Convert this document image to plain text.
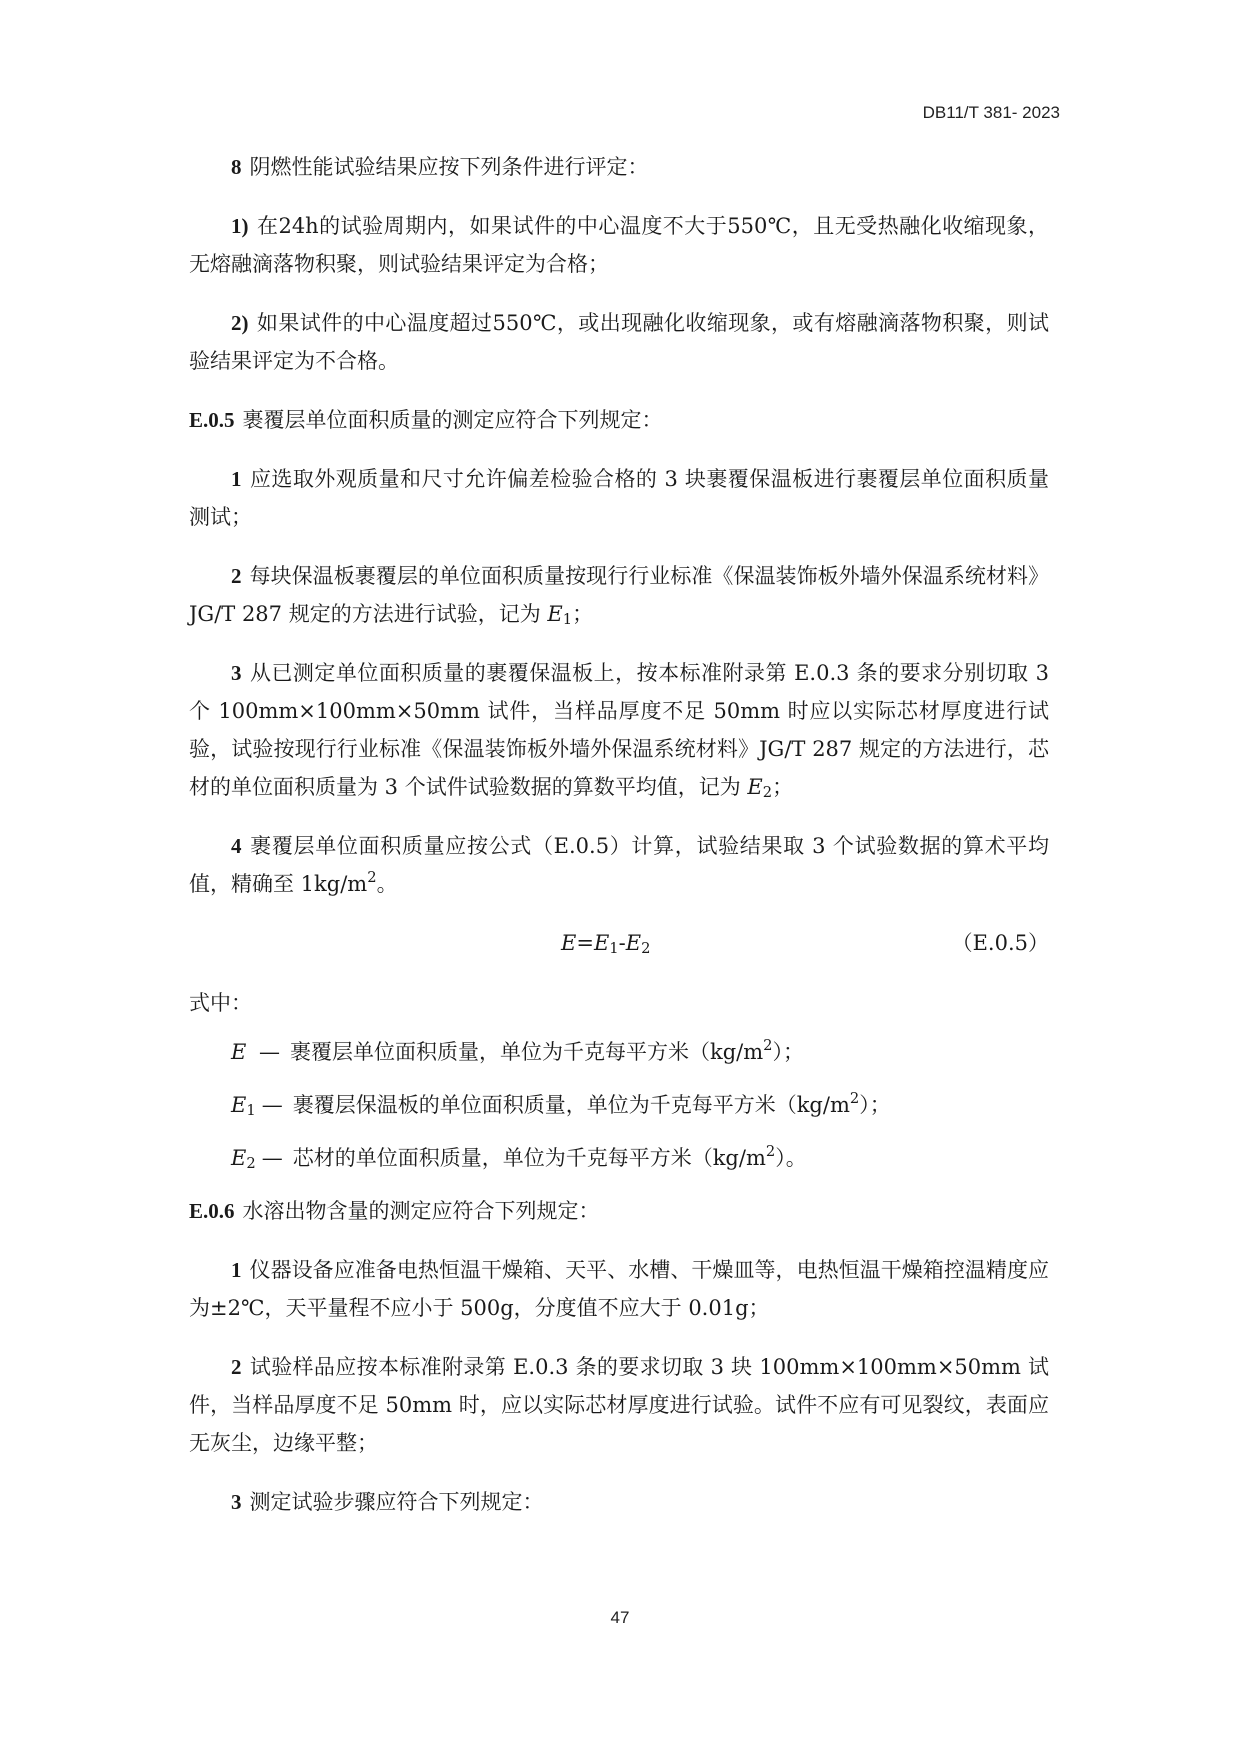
DB11/T 381- 2023

8 阴燃性能试验结果应按下列条件进行评定：

1) 在24h的试验周期内，如果试件的中心温度不大于550℃，且无受热融化收缩现象，无熔融滴落物积聚，则试验结果评定为合格；

2) 如果试件的中心温度超过550℃，或出现融化收缩现象，或有熔融滴落物积聚，则试验结果评定为不合格。

E.0.5 裹覆层单位面积质量的测定应符合下列规定：

1 应选取外观质量和尺寸允许偏差检验合格的 3 块裹覆保温板进行裹覆层单位面积质量测试；

2 每块保温板裹覆层的单位面积质量按现行行业标准《保温装饰板外墙外保温系统材料》JG/T 287 规定的方法进行试验，记为 $E_1$；

3 从已测定单位面积质量的裹覆保温板上，按本标准附录第 E.0.3 条的要求分别切取 3 个 100mm×100mm×50mm 试件，当样品厚度不足 50mm 时应以实际芯材厚度进行试验，试验按现行行业标准《保温装饰板外墙外保温系统材料》JG/T 287 规定的方法进行，芯材的单位面积质量为 3 个试件试验数据的算数平均值，记为 $E_2$；

4 裹覆层单位面积质量应按公式（E.0.5）计算，试验结果取 3 个试验数据的算术平均值，精确至 $1kg/m^2$。

$E=E_1-E_2$	（E.0.5）

式中：

E — 裹覆层单位面积质量，单位为千克每平方米$(kg/m^2)$；
$E_1$ — 裹覆层保温板的单位面积质量，单位为千克每平方米$(kg/m^2)$；
$E_2$ — 芯材的单位面积质量，单位为千克每平方米$(kg/m^2)$。

E.0.6 水溶出物含量的测定应符合下列规定：

1 仪器设备应准备电热恒温干燥箱、天平、水槽、干燥皿等，电热恒温干燥箱控温精度应为±2℃，天平量程不应小于 500g，分度值不应大于 0.01g；

2 试验样品应按本标准附录第 E.0.3 条的要求切取 3 块 100mm×100mm×50mm 试件，当样品厚度不足 50mm 时，应以实际芯材厚度进行试验。试件不应有可见裂纹，表面应无灰尘，边缘平整；

3 测定试验步骤应符合下列规定：

47
